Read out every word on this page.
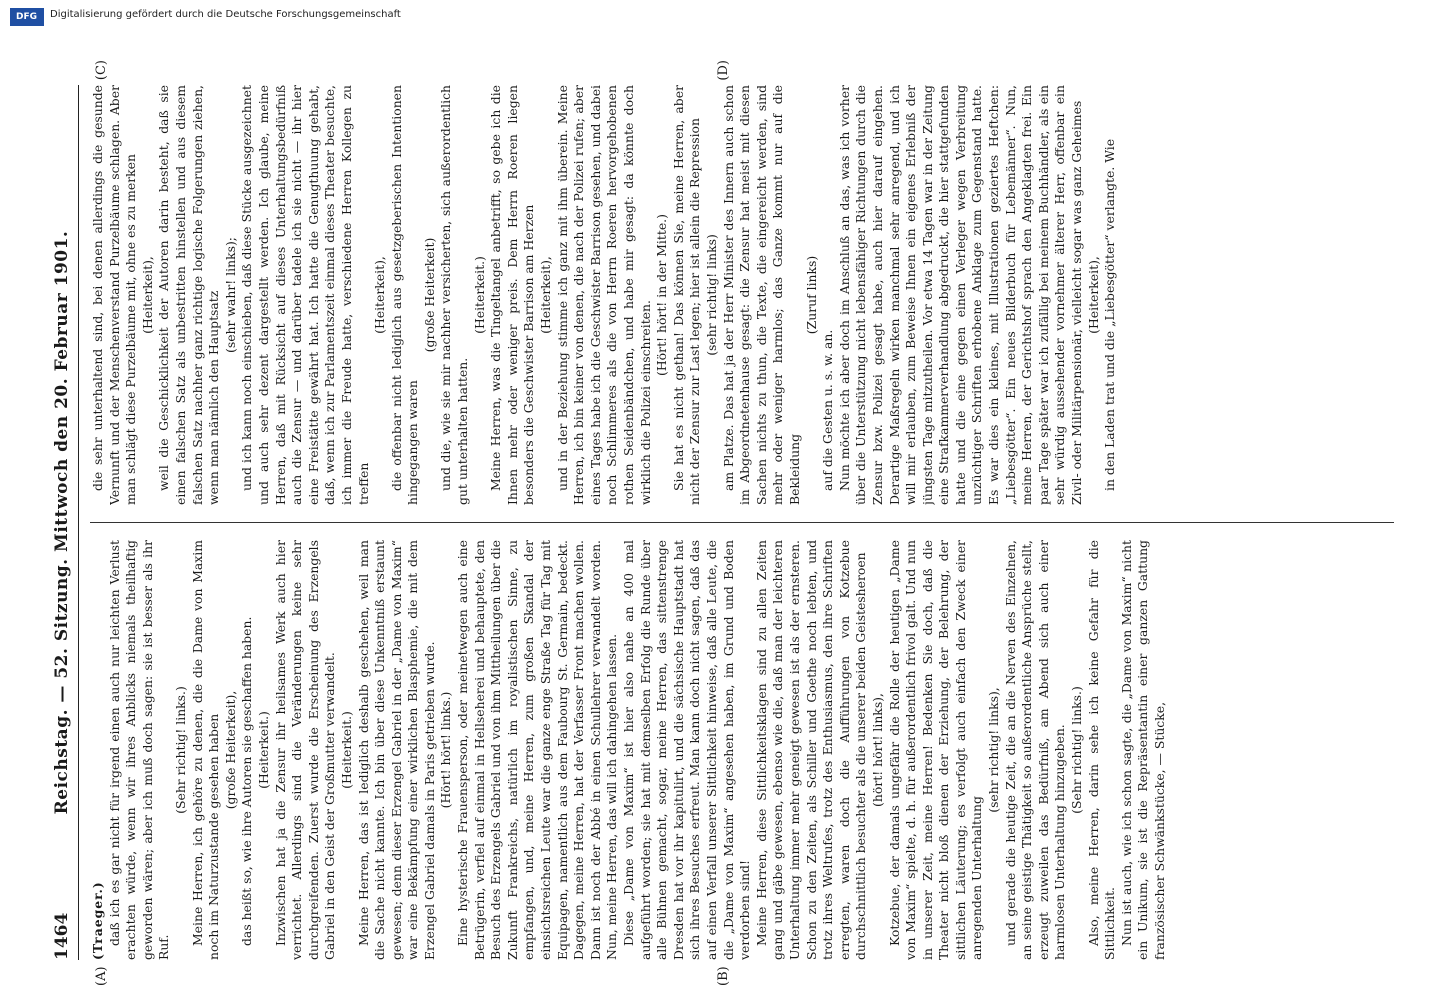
1464
Reichstag. — 52. Sitzung. Mittwoch den 20. Februar 1901.
(A)	(B)
(C)	(D)

(Traeger.) daß ich es gar nicht für irgend einen auch nur leichten Verlust erachten würde, wenn wir ihres Anblicks niemals theilhaftig geworden wären; aber ich muß doch sagen: sie ist besser als ihr Ruf.

(Sehr richtig! links.) Meine Herren, ich gehöre zu denen, die die Dame von Maxim noch im Naturzustande gesehen haben (große Heiterkeit), das heißt so, wie ihre Autoren sie geschaffen haben. (Heiterkeit.) Inzwischen hat ja die Zensur ihr heilsames Werk auch hier verrichtet. Allerdings sind die Veränderungen keine sehr durchgreifenden. Zuerst wurde die Erscheinung des Erzengels Gabriel in den Geist der Großmutter verwandelt. (Heiterkeit.) Meine Herren, das ist lediglich deshalb geschehen, weil man die Sache nicht kannte. Ich bin über diese Unkenntniß erstaunt gewesen; denn dieser Erzengel Gabriel in der „Dame von Maxim“ war eine Bekämpfung einer wirklichen Blasphemie, die mit dem Erzengel Gabriel damals in Paris getrieben wurde. (Hört! hört! links.) Eine hysterische Frauensperson, oder meinetwegen auch eine Betrügerin, verfiel auf einmal in Hellseherei und behauptete, den Besuch des Erzengels Gabriel und von ihm Mittheilungen über die Zukunft Frankreichs, natürlich im royalistischen Sinne, zu empfangen, und, meine Herren, zum großen Skandal der einsichtsreichen Leute war die ganze enge Straße Tag für Tag mit Equipagen, namentlich aus dem Faubourg St. Germain, bedeckt. Dagegen, meine Herren, hat der Verfasser Front machen wollen. Dann ist noch der Abbé in einen Schullehrer verwandelt worden. Nun, meine Herren, das will ich dahingehen lassen. Diese „Dame von Maxim“ ist hier also nahe an 400 mal aufgeführt worden; sie hat mit demselben Erfolg die Runde über alle Bühnen gemacht, sogar, meine Herren, das sittenstrenge Dresden hat vor ihr kapitulirt, und die sächsische Hauptstadt hat sich ihres Besuches erfreut. Man kann doch nicht sagen, daß das auf einen Verfall unserer Sittlichkeit hinweise, daß alle Leute, die die „Dame von Maxim“ angesehen haben, im Grund und Boden verdorben sind! Meine Herren, diese Sittlichkeitsklagen sind zu allen Zeiten gang und gäbe gewesen, ebenso wie die, daß man der leichteren Unterhaltung immer mehr geneigt gewesen ist als der ernsteren. Schon zu den Zeiten, als Schiller und Goethe noch lebten, und trotz ihres Weltrufes, trotz des Enthusiasmus, den ihre Schriften erregten, waren doch die Aufführungen von Kotzebue durchschnittlich besuchter als die unserer beiden Geistesheroen (hört! hört! links), Kotzebue, der damals ungefähr die Rolle der heutigen „Dame von Maxim“ spielte, d. h. für außerordentlich frivol galt. Und nun in unserer Zeit, meine Herren! Bedenken Sie doch, daß die Theater nicht bloß dienen der Erziehung, der Belehrung, der sittlichen Läuterung; es verfolgt auch einfach den Zweck einer anregenden Unterhaltung

(sehr richtig! links), und gerade die heutige Zeit, die an die Nerven des Einzelnen, an seine geistige Thätigkeit so außerordentliche Ansprüche stellt, erzeugt zuweilen das Bedürfniß, am Abend sich auch einer harmlosen Unterhaltung hinzugeben. (Sehr richtig! links.) Also, meine Herren, darin sehe ich keine Gefahr für die Sittlichkeit. Nun ist auch, wie ich schon sagte, die „Dame von Maxim“ nicht ein Unikum, sie ist die Repräsentantin einer ganzen Gattung französischer Schwänkstücke, — Stücke,

die sehr unterhaltend sind, bei denen allerdings die gesunde Vernunft und der Menschenverstand Purzelbäume schlagen. Aber man schlägt diese Purzelbäume mit, ohne es zu merken (Heiterkeit), weil die Geschicklichkeit der Autoren darin besteht, daß sie einen falschen Satz als unbestritten hinstellen und aus diesem falschen Satz nachher ganz richtige logische Folgerungen ziehen, wenn man nämlich den Hauptsatz (sehr wahr! links); und ich kann noch einschieben, daß diese Stücke ausgezeichnet und auch sehr dezent dargestellt werden. Ich glaube, meine Herren, daß mit Rücksicht auf dieses Unterhaltungsbedürfniß auch die Zensur — und darüber tadele ich sie nicht — ihr hier eine Freistätte gewährt hat. Ich hatte die Genugthuung gehabt, daß, wenn ich zur Parlamentszeit einmal dieses Theater besuchte, ich immer die Freude hatte, verschiedene Herren Kollegen zu treffen

(Heiterkeit), die offenbar nicht lediglich aus gesetzgeberischen Intentionen hingegangen waren

(große Heiterkeit) und die, wie sie mir nachher versicherten, sich außerordentlich gut unterhalten hatten.

(Heiterkeit.) Meine Herren, was die Tingeltangel anbetrifft, so gebe ich die Ihnen mehr oder weniger preis. Dem Herrn Roeren liegen besonders die Geschwister Barrison am Herzen (Heiterkeit), und in der Beziehung stimme ich ganz mit ihm überein. Meine Herren, ich bin keiner von denen, die nach der Polizei rufen; aber eines Tages habe ich die Geschwister Barrison gesehen, und dabei noch Schlimmeres als die von Herrn Roeren hervorgehobenen rothen Seidenbändchen, und habe mir gesagt: da könnte doch wirklich die Polizei einschreiten.

(Hört! hört! in der Mitte.) Sie hat es nicht gethan! Das können Sie, meine Herren, aber nicht der Zensur zur Last legen; hier ist allein die Repression (sehr richtig! links) am Platze. Das hat ja der Herr Minister des Innern auch schon im Abgeordnetenhause gesagt: die Zensur hat meist mit diesen Sachen nichts zu thun, die Texte, die eingereicht werden, sind mehr oder weniger harmlos; das Ganze kommt nur auf die Bekleidung

(Zuruf links)

auf die Gesten u. s. w. an. Nun möchte ich aber doch im Anschluß an das, was ich vorher über die Unterstützung nicht lebensfähiger Richtungen durch die Zensur bzw. Polizei gesagt habe, auch hier darauf eingehen. Derartige Maßregeln wirken manchmal sehr anregend, und ich will mir erlauben, zum Beweise Ihnen ein eigenes Erlebniß der jüngsten Tage mitzutheilen. Vor etwa 14 Tagen war in der Zeitung eine Strafkammerverhandlung abgedruckt, die hier stattgefunden hatte und die eine gegen einen Verleger wegen Verbreitung unzüchtiger Schriften erhobene Anklage zum Gegenstand hatte. Es war dies ein kleines, mit Illustrationen geziertes Heftchen: „Liebesgötter“. Ein neues Bilderbuch für Lebemänner“. Nun, meine Herren, der Gerichtshof sprach den Angeklagten frei. Ein paar Tage später war ich zufällig bei meinem Buchhändler, als ein sehr würdig aussehender vornehmer älterer Herr, offenbar ein Zivil- oder Militärpensionär, vielleicht sogar was ganz Geheimes (Heiterkeit), in den Laden trat und die „Liebesgötter“ verlangte. Wie

DFG	Digitalisierung gefördert durch die Deutsche Forschungsgemeinschaft
